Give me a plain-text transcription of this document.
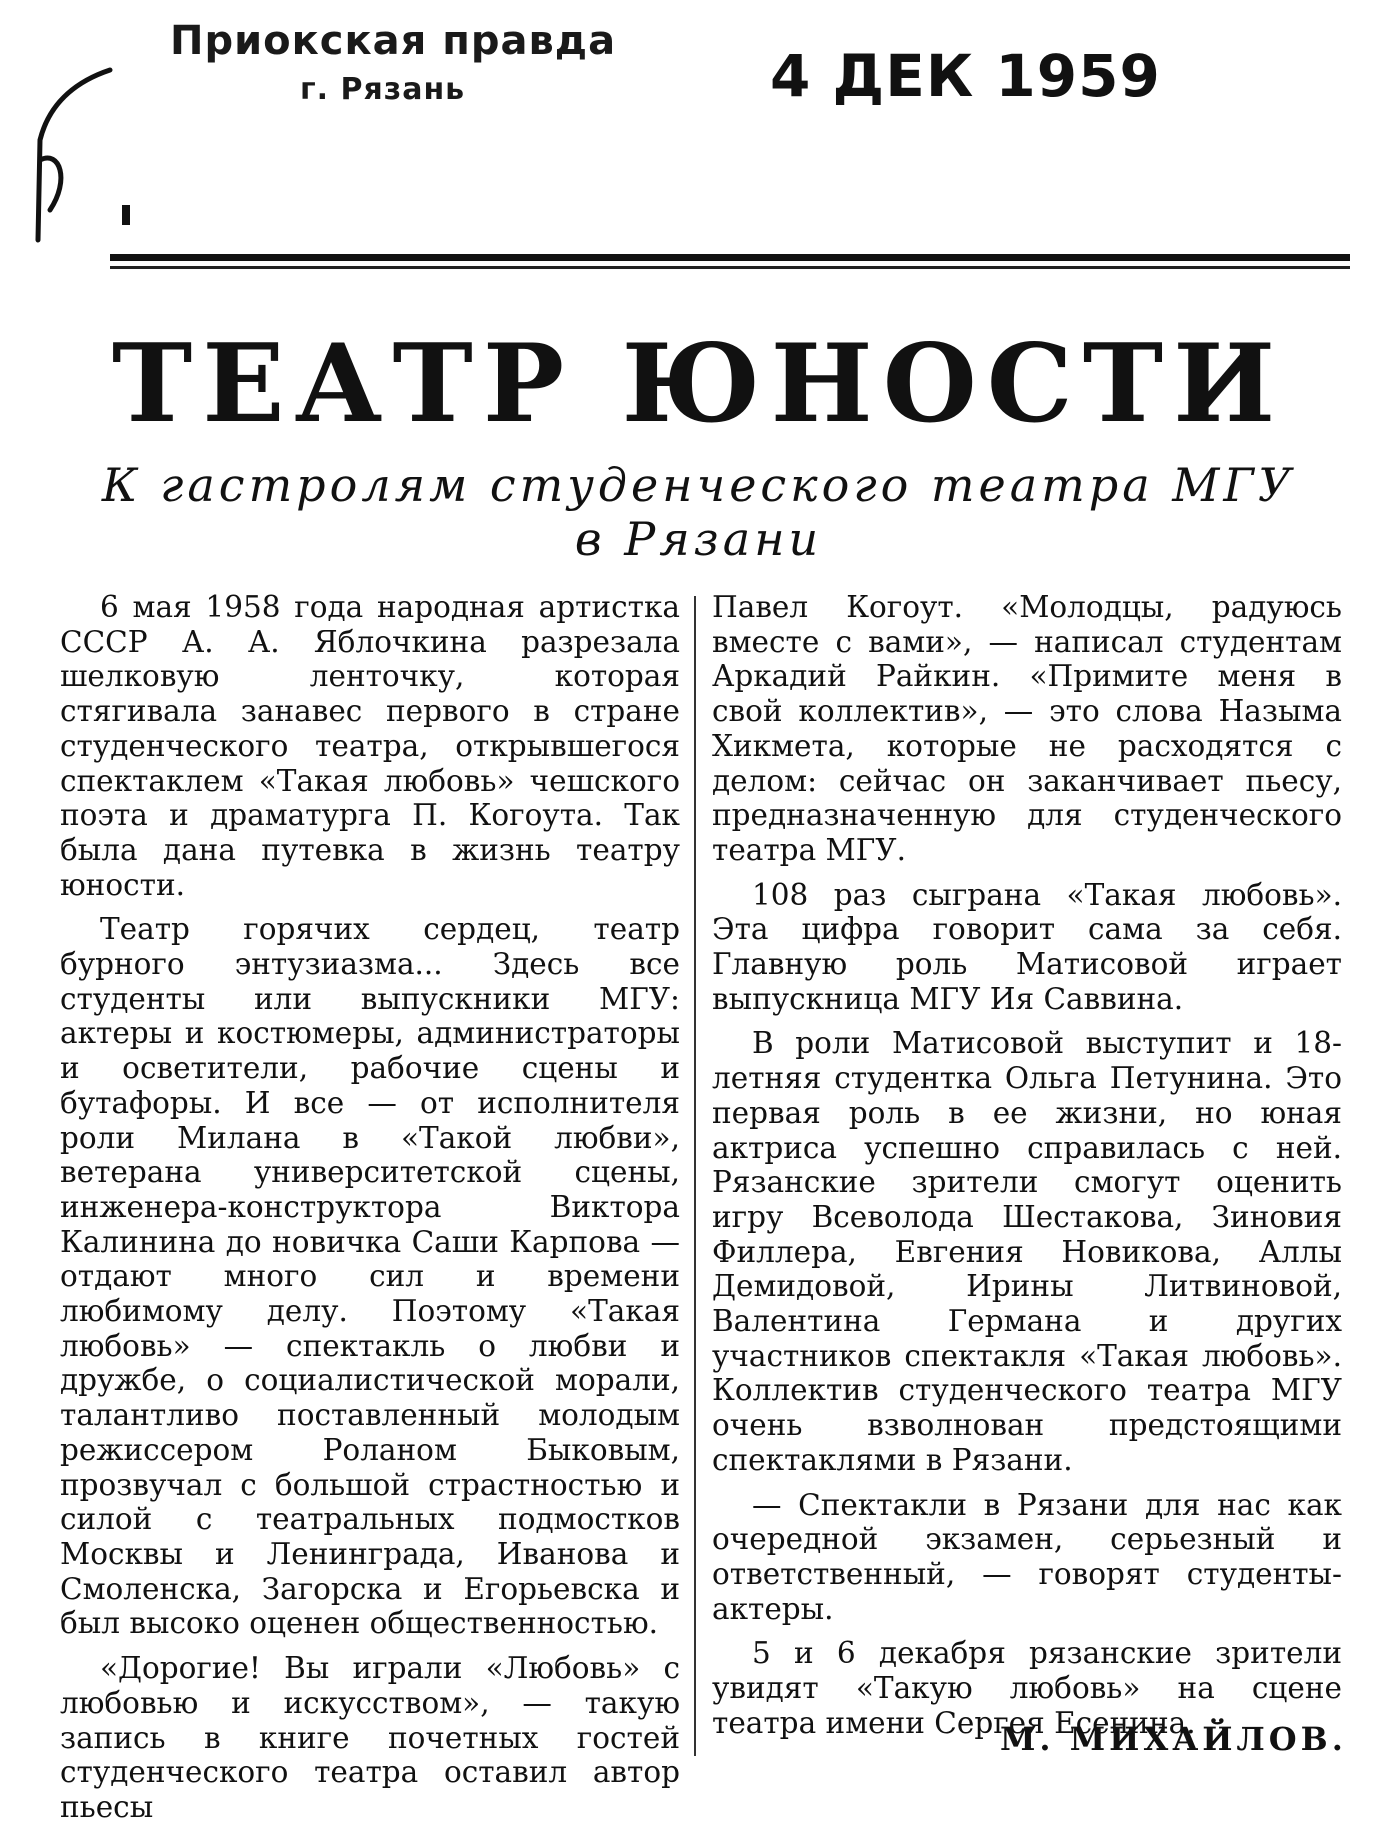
Приокская правда
г. Рязань	4 ДЕК 1959
ТЕАТР ЮНОСТИ
К гастролям студенческого театра МГУ
в Рязани

6 мая 1958 года народная артистка СССР А. А. Яблочкина разрезала шелковую ленточку, которая стягивала занавес первого в стране студенческого театра, открывшегося спектаклем «Такая любовь» чешского поэта и драматурга П. Когоута. Так была дана путевка в жизнь театру юности.

Театр горячих сердец, театр бурного энтузиазма... Здесь все студенты или выпускники МГУ: актеры и костюмеры, администраторы и осветители, рабочие сцены и бутафоры. И все — от исполнителя роли Милана в «Такой любви», ветерана университетской сцены, инженера-конструктора Виктора Калинина до новичка Саши Карпова — отдают много сил и времени любимому делу. Поэтому «Такая любовь» — спектакль о любви и дружбе, о социалистической морали, талантливо поставленный молодым режиссером Роланом Быковым, прозвучал с большой страстностью и силой с театральных подмостков Москвы и Ленинграда, Иванова и Смоленска, Загорска и Егорьевска и был высоко оценен общественностью.

«Дорогие! Вы играли «Любовь» с любовью и искусством», — такую запись в книге почетных гостей студенческого театра оставил автор пьесы

Павел Когоут. «Молодцы, радуюсь вместе с вами», — написал студентам Аркадий Райкин. «Примите меня в свой коллектив», — это слова Назыма Хикмета, которые не расходятся с делом: сейчас он заканчивает пьесу, предназначенную для студенческого театра МГУ.

108 раз сыграна «Такая любовь». Эта цифра говорит сама за себя. Главную роль Матисовой играет выпускница МГУ Ия Саввина.

В роли Матисовой выступит и 18-летняя студентка Ольга Петунина. Это первая роль в ее жизни, но юная актриса успешно справилась с ней. Рязанские зрители смогут оценить игру Всеволода Шестакова, Зиновия Филлера, Евгения Новикова, Аллы Демидовой, Ирины Литвиновой, Валентина Германа и других участников спектакля «Такая любовь». Коллектив студенческого театра МГУ очень взволнован предстоящими спектаклями в Рязани.

— Спектакли в Рязани для нас как очередной экзамен, серьезный и ответственный, — говорят студенты-актеры.

5 и 6 декабря рязанские зрители увидят «Такую любовь» на сцене театра имени Сергея Есенина.

М. МИХАЙЛОВ.
